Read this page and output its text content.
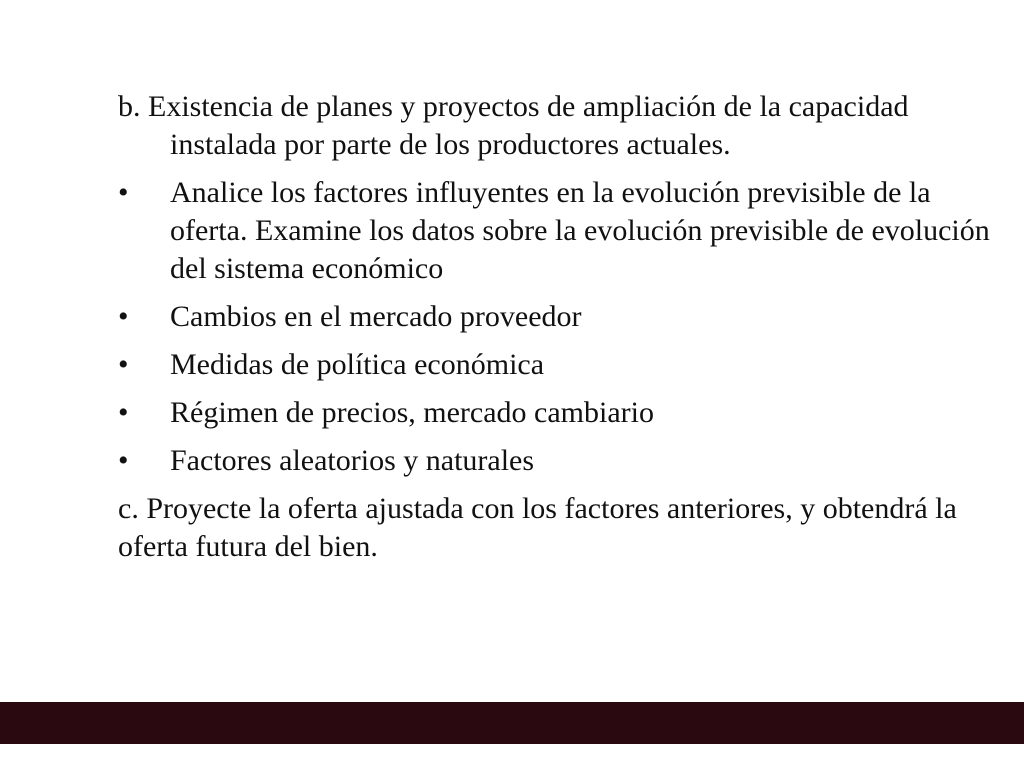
b. Existencia de planes y proyectos de ampliación de la capacidad instalada por parte de los productores actuales.

•	Analice los factores influyentes en la evolución previsible de la oferta. Examine los datos sobre la evolución previsible de evolución del sistema económico
•	Cambios en el mercado proveedor
•	Medidas de política económica
•	Régimen de precios, mercado cambiario
•	Factores aleatorios y naturales

c. Proyecte la oferta ajustada con los factores anteriores, y obtendrá la oferta futura del bien.
